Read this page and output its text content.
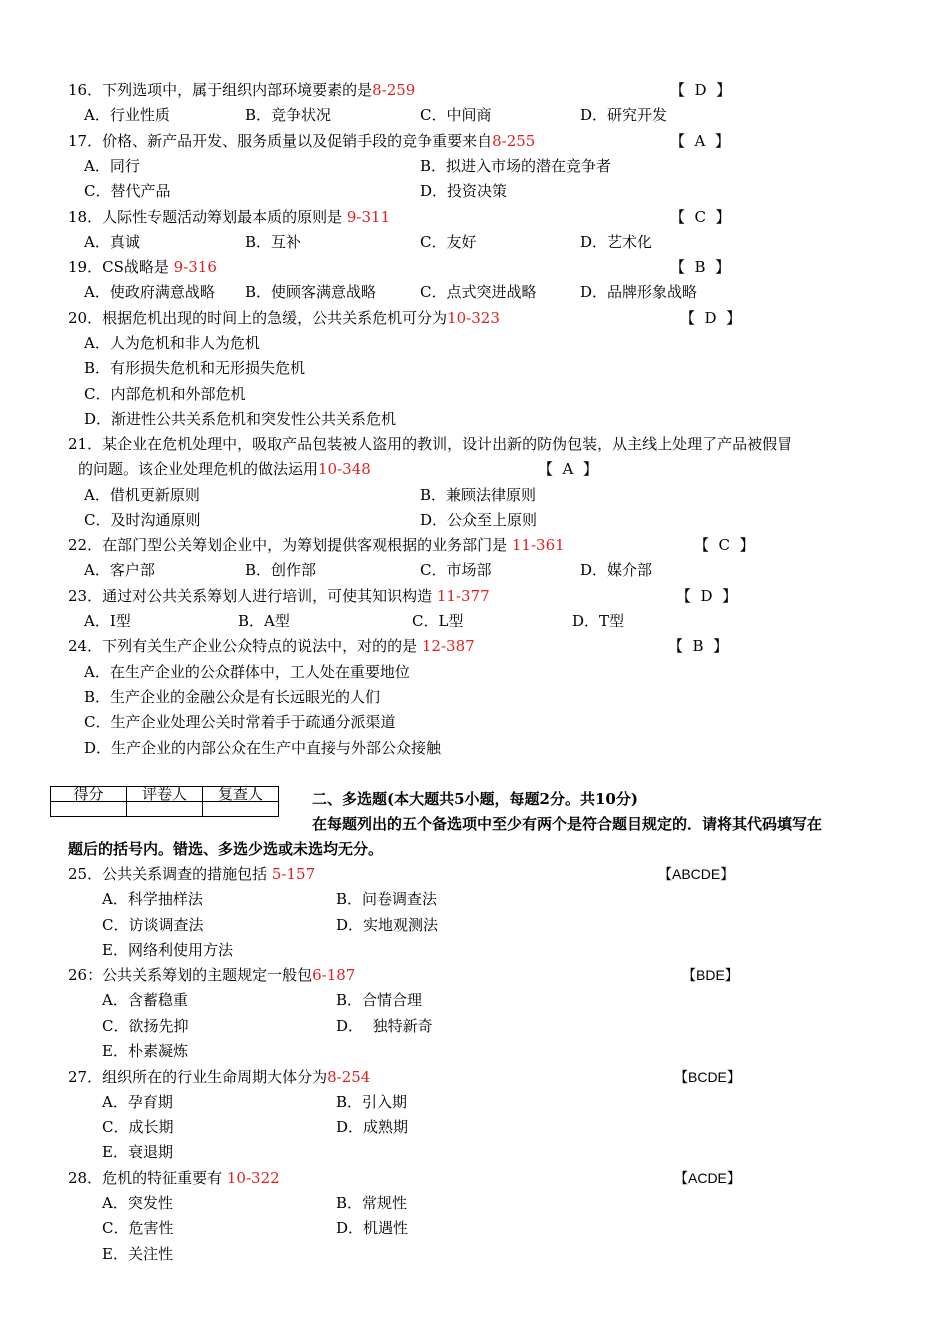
16．下列选项中，属于组织内部环境要素的是8-259	【  D  】
A．行业性质	B．竞争状况	C．中间商	D．研究开发
17．价格、新产品开发、服务质量以及促销手段的竞争重要来自8-255	【  A  】
A．同行	B．拟进入市场的潜在竞争者
C．替代产品	D．投资决策
18．人际性专题活动筹划最本质的原则是 9-311	【  C  】
A．真诚	B．互补	C．友好	D．艺术化
19．CS战略是 9-316	【  B  】
A．使政府满意战略 B．使顾客满意战略	C．点式突进战略	D．品牌形象战略
20．根据危机出现的时间上的急缓，公共关系危机可分为10-323	【  D  】
A．人为危机和非人为危机
B．有形损失危机和无形损失危机
C．内部危机和外部危机
D．渐进性公共关系危机和突发性公共关系危机
21．某企业在危机处理中，吸取产品包装被人盗用的教训，设计出新的防伪包装，从主线上处理了产品被假冒
的问题。该企业处理危机的做法运用10-348	【  A  】
A．借机更新原则	B．兼顾法律原则
C．及时沟通原则	D．公众至上原则
22．在部门型公关筹划企业中，为筹划提供客观根据的业务部门是 11-361	【  C  】
A．客户部	B．创作部	C．市场部	D．媒介部
23．通过对公共关系筹划人进行培训，可使其知识构造 11-377	【  D  】
A．I型	B．A型	C．L型	D．T型
24．下列有关生产企业公众特点的说法中，对的的是 12-387	【  B  】
A．在生产企业的公众群体中，工人处在重要地位
B．生产企业的金融公众是有长远眼光的人们
C．生产企业处理公关时常着手于疏通分派渠道
D．生产企业的内部公众在生产中直接与外部公众接触
得分	评卷人	复查人
			二、多选题(本大题共5小题，每题2分。共10分)
在每题列出的五个备选项中至少有两个是符合题目规定的．请将其代码填写在
题后的括号内。错选、多选少选或未选均无分。
25．公共关系调查的措施包括 5-157	【ABCDE】
A．科学抽样法	B．问卷调查法
C．访谈调查法	D．实地观测法
E．网络利使用方法
26：公共关系筹划的主题规定一般包6-187	【BDE】
A．含蓄稳重	B．合情合理
C．欲扬先抑	D．  独特新奇
E．朴素凝炼
27．组织所在的行业生命周期大体分为8-254	【BCDE】
A．孕育期	B．引入期
C．成长期	D．成熟期
E．衰退期
28．危机的特征重要有 10-322	【ACDE】
A．突发性	B．常规性
C．危害性	D．机遇性
E．关注性
